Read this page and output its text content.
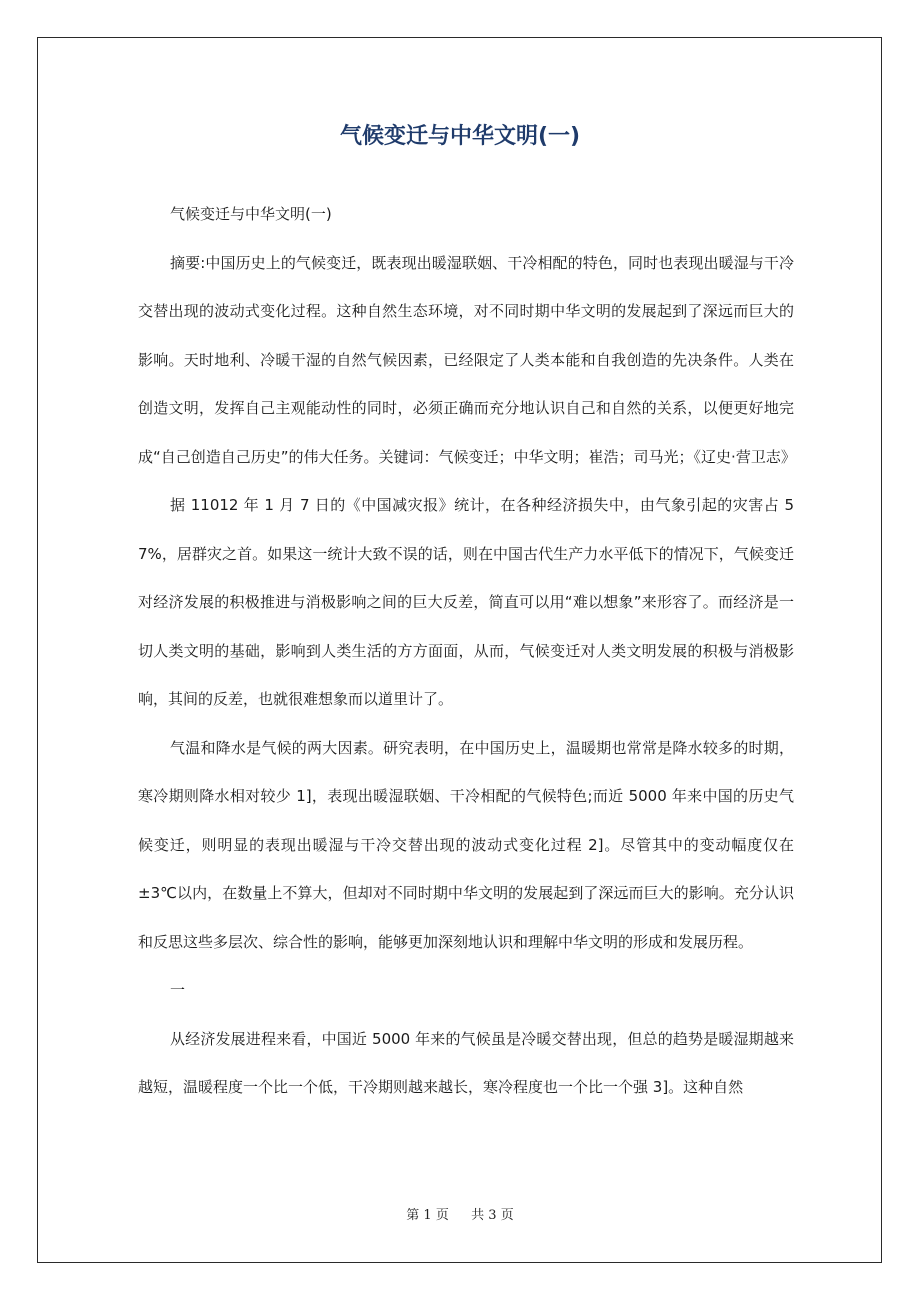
气候变迁与中华文明(一)

气候变迁与中华文明(一)

摘要:中国历史上的气候变迁，既表现出暖湿联姻、干冷相配的特色，同时也表现出暖湿与干冷交替出现的波动式变化过程。这种自然生态环境，对不同时期中华文明的发展起到了深远而巨大的影响。天时地利、冷暖干湿的自然气候因素，已经限定了人类本能和自我创造的先决条件。人类在创造文明，发挥自己主观能动性的同时，必须正确而充分地认识自己和自然的关系，以便更好地完成“自己创造自己历史”的伟大任务。关键词：气候变迁；中华文明；崔浩；司马光；《辽史·营卫志》

据 11012 年 1 月 7 日的《中国减灾报》统计，在各种经济损失中，由气象引起的灾害占 57%，居群灾之首。如果这一统计大致不误的话，则在中国古代生产力水平低下的情况下，气候变迁对经济发展的积极推进与消极影响之间的巨大反差，简直可以用“难以想象”来形容了。而经济是一切人类文明的基础，影响到人类生活的方方面面，从而，气候变迁对人类文明发展的积极与消极影响，其间的反差，也就很难想象而以道里计了。

气温和降水是气候的两大因素。研究表明，在中国历史上，温暖期也常常是降水较多的时期，寒冷期则降水相对较少 1]，表现出暖湿联姻、干冷相配的气候特色;而近 5000 年来中国的历史气候变迁，则明显的表现出暖湿与干冷交替出现的波动式变化过程 2]。尽管其中的变动幅度仅在±3℃以内，在数量上不算大，但却对不同时期中华文明的发展起到了深远而巨大的影响。充分认识和反思这些多层次、综合性的影响，能够更加深刻地认识和理解中华文明的形成和发展历程。

一

从经济发展进程来看，中国近 5000 年来的气候虽是冷暖交替出现，但总的趋势是暖湿期越来越短，温暖程度一个比一个低，干冷期则越来越长，寒冷程度也一个比一个强 3]。这种自然

第 1 页 共 3 页
